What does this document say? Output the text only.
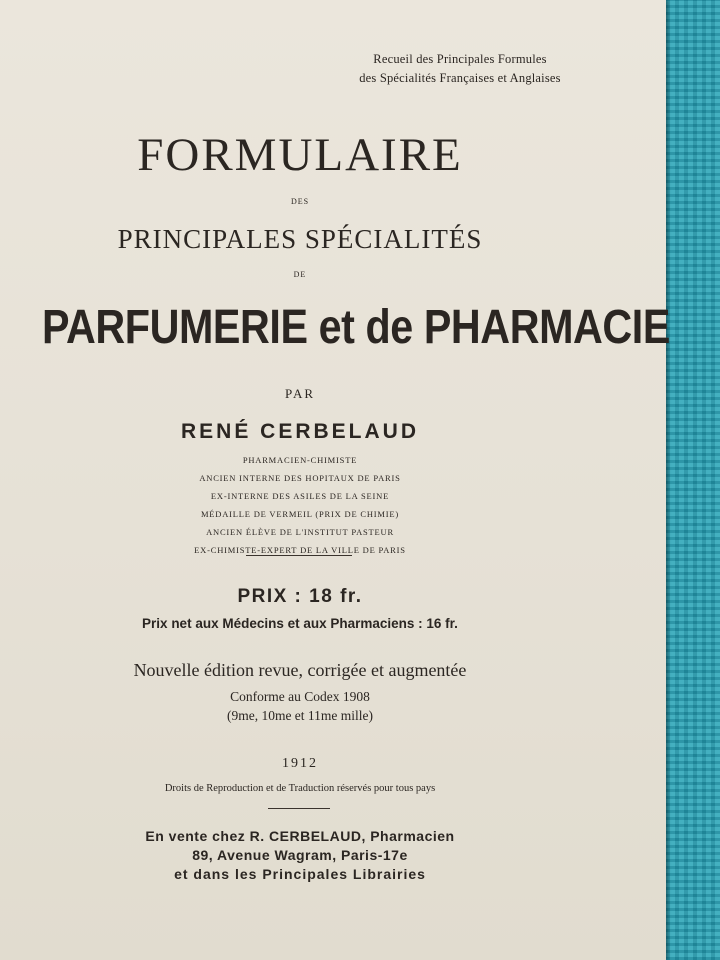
Recueil des Principales Formules
des Spécialités Françaises et Anglaises
FORMULAIRE
DES
PRINCIPALES SPÉCIALITÉS
DE
PARFUMERIE et de PHARMACIE
PAR
RENÉ CERBELAUD
PHARMACIEN-CHIMISTE
ANCIEN INTERNE DES HOPITAUX DE PARIS
EX-INTERNE DES ASILES DE LA SEINE
MÉDAILLE DE VERMEIL (PRIX DE CHIMIE)
ANCIEN ÉLÈVE DE L'INSTITUT PASTEUR
EX-CHIMISTE-EXPERT DE LA VILLE DE PARIS
PRIX : 18 fr.
Prix net aux Médecins et aux Pharmaciens : 16 fr.
Nouvelle édition revue, corrigée et augmentée
Conforme au Codex 1908
(9me, 10me et 11me mille)
1912
Droits de Reproduction et de Traduction réservés pour tous pays
En vente chez R. CERBELAUD, Pharmacien
89, Avenue Wagram, Paris-17e
et dans les Principales Librairies
